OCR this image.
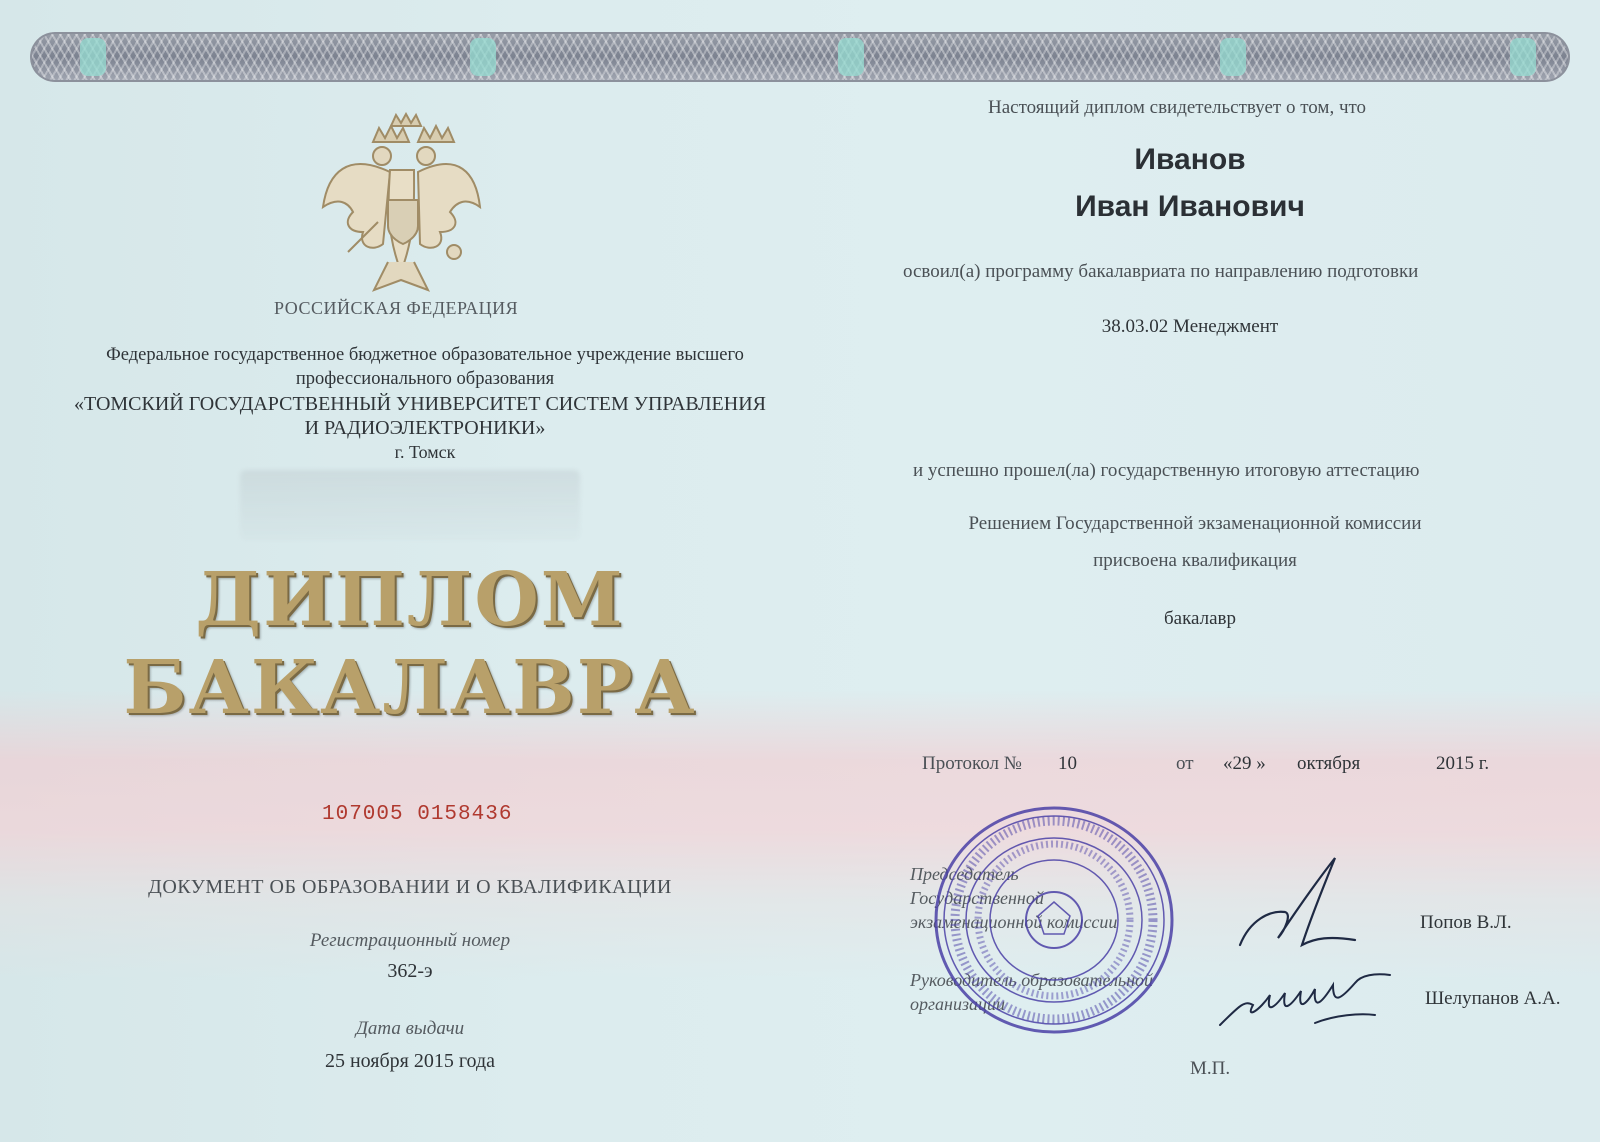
РОССИЙСКАЯ ФЕДЕРАЦИЯ

Федеральное государственное бюджетное образовательное учреждение высшего

профессионального образования

«ТОМСКИЙ ГОСУДАРСТВЕННЫЙ УНИВЕРСИТЕТ СИСТЕМ УПРАВЛЕНИЯ

И РАДИОЭЛЕКТРОНИКИ»

г. Томск

ДИПЛОМ

БАКАЛАВРА

107005 0158436

ДОКУМЕНТ ОБ ОБРАЗОВАНИИ И О КВАЛИФИКАЦИИ

Регистрационный номер

362-э

Дата выдачи

25 ноября 2015 года

Настоящий диплом свидетельствует о том, что

Иванов

Иван Иванович

освоил(а) программу бакалавриата по направлению подготовки

38.03.02 Менеджмент

и успешно прошел(ла) государственную итоговую аттестацию

Решением Государственной экзаменационной комиссии

присвоена квалификация

бакалавр

Протокол № 10	от «29 » октября	2015 г.

Председатель

Государственной

экзаменационной комиссии	Попов В.Л.

Руководитель образовательной

организации	Шелупанов А.А.

М.П.
